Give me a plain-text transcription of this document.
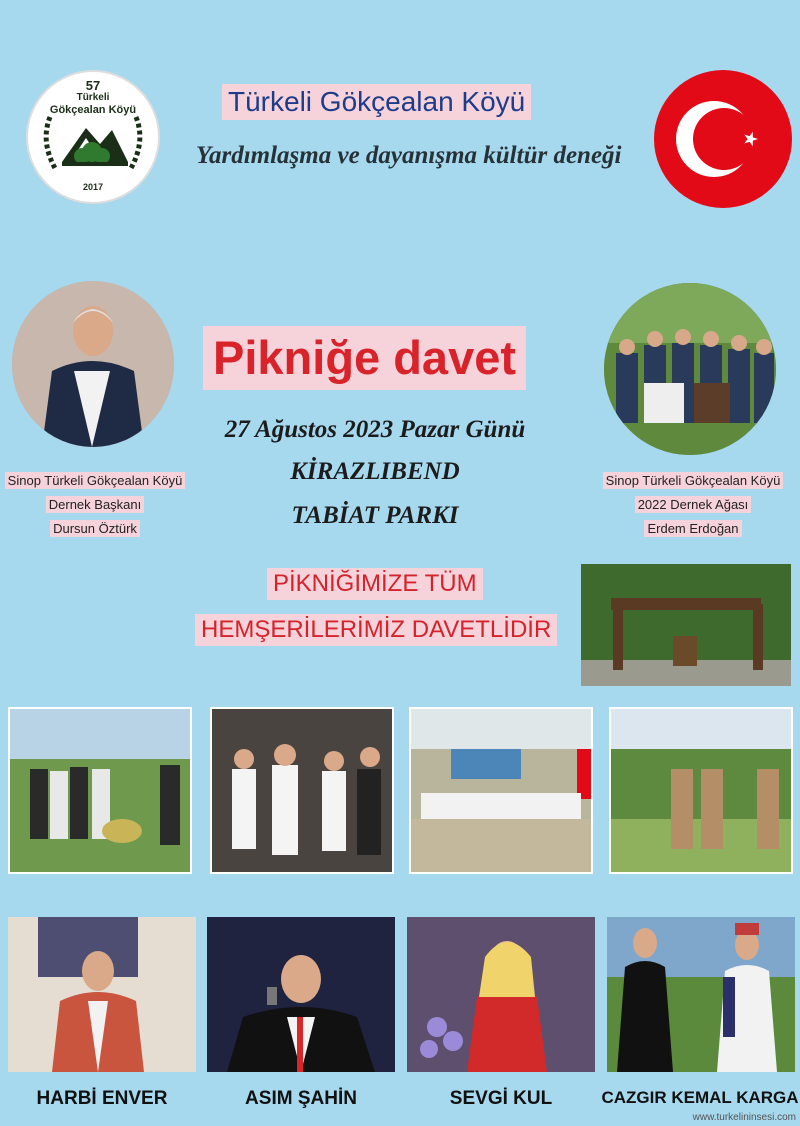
57
Türkeli
Gökçealan Köyü
2017
Türkeli Gökçealan Köyü
Yardımlaşma ve dayanışma kültür deneği
Sinop Türkeli Gökçealan Köyü
Dernek Başkanı
Dursun Öztürk
Pikniğe davet
27 Ağustos 2023 Pazar Günü
KİRAZLIBEND
TABİAT PARKI
Sinop Türkeli Gökçealan Köyü
2022 Dernek Ağası
Erdem Erdoğan
PİKNİĞİMİZE TÜM
HEMŞERİLERİMİZ DAVETLİDİR
HARBİ ENVER	ASIM ŞAHİN	SEVGİ KUL	CAZGIR KEMAL KARGA
www.turkelininsesi.com
